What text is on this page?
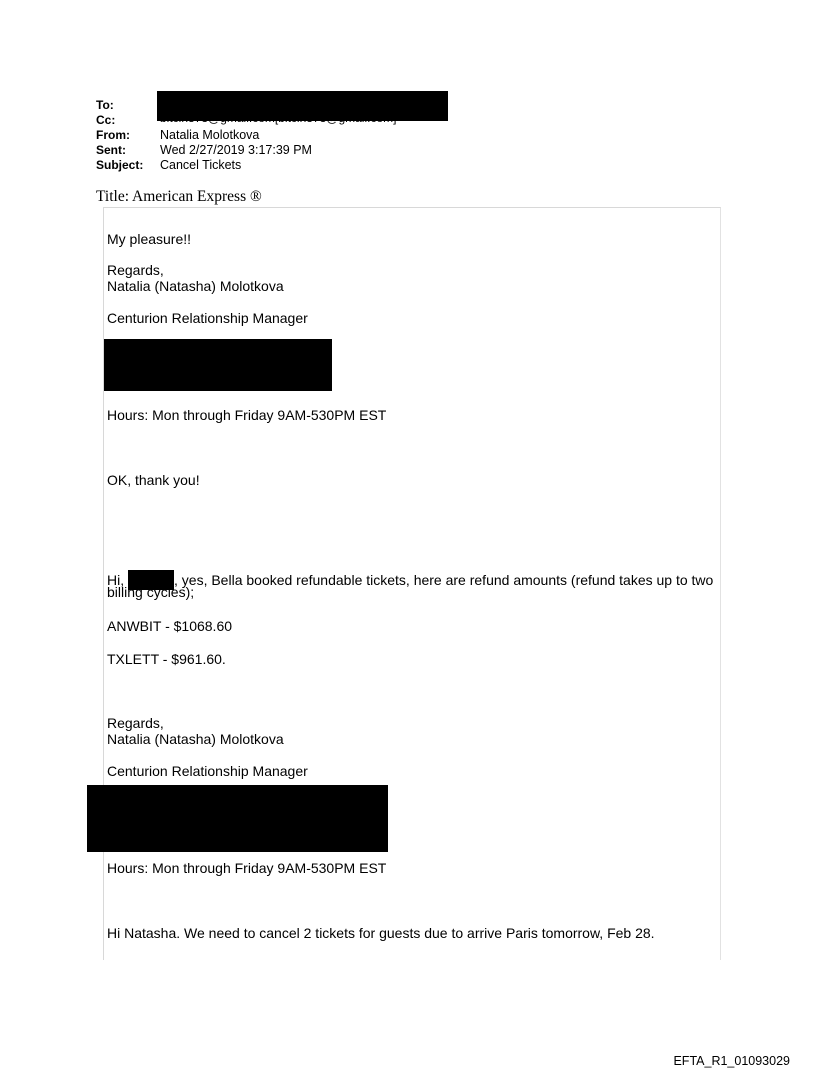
To:
Cc:
From:	Natalia Molotkova
Sent:	Wed 2/27/2019 3:17:39 PM
Subject:	Cancel Tickets
Title: American Express ®
My pleasure!!
Regards,
Natalia (Natasha) Molotkova
Centurion Relationship Manager
Hours: Mon through Friday 9AM-530PM EST
OK, thank you!
Hi,	, yes, Bella booked refundable tickets, here are refund amounts (refund takes up to two
billing cycles);
ANWBIT - $1068.60
TXLETT - $961.60.
Regards,
Natalia (Natasha) Molotkova
Centurion Relationship Manager
Hours: Mon through Friday 9AM-530PM EST
Hi Natasha. We need to cancel 2 tickets for guests due to arrive Paris tomorrow, Feb 28.
EFTA_R1_01093029
